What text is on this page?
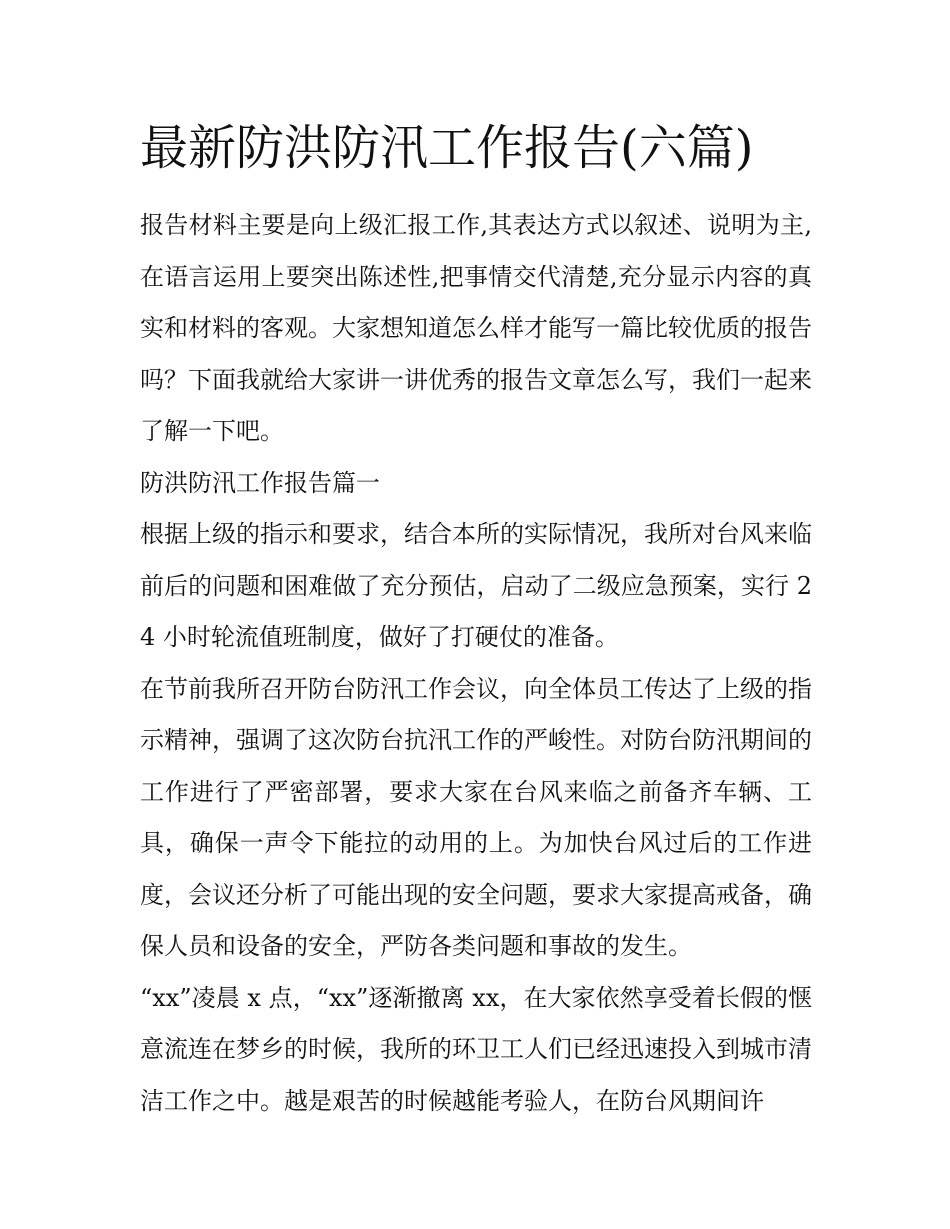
最新防洪防汛工作报告(六篇)

报告材料主要是向上级汇报工作,其表达方式以叙述、说明为主,在语言运用上要突出陈述性,把事情交代清楚,充分显示内容的真实和材料的客观。大家想知道怎么样才能写一篇比较优质的报告吗？下面我就给大家讲一讲优秀的报告文章怎么写，我们一起来了解一下吧。

防洪防汛工作报告篇一

根据上级的指示和要求，结合本所的实际情况，我所对台风来临前后的问题和困难做了充分预估，启动了二级应急预案，实行 24 小时轮流值班制度，做好了打硬仗的准备。

在节前我所召开防台防汛工作会议，向全体员工传达了上级的指示精神，强调了这次防台抗汛工作的严峻性。对防台防汛期间的工作进行了严密部署，要求大家在台风来临之前备齐车辆、工具，确保一声令下能拉的动用的上。为加快台风过后的工作进度，会议还分析了可能出现的安全问题，要求大家提高戒备，确保人员和设备的安全，严防各类问题和事故的发生。

“xx”凌晨 x 点，“xx”逐渐撤离 xx，在大家依然享受着长假的惬意流连在梦乡的时候，我所的环卫工人们已经迅速投入到城市清洁工作之中。越是艰苦的时候越能考验人，在防台风期间许
